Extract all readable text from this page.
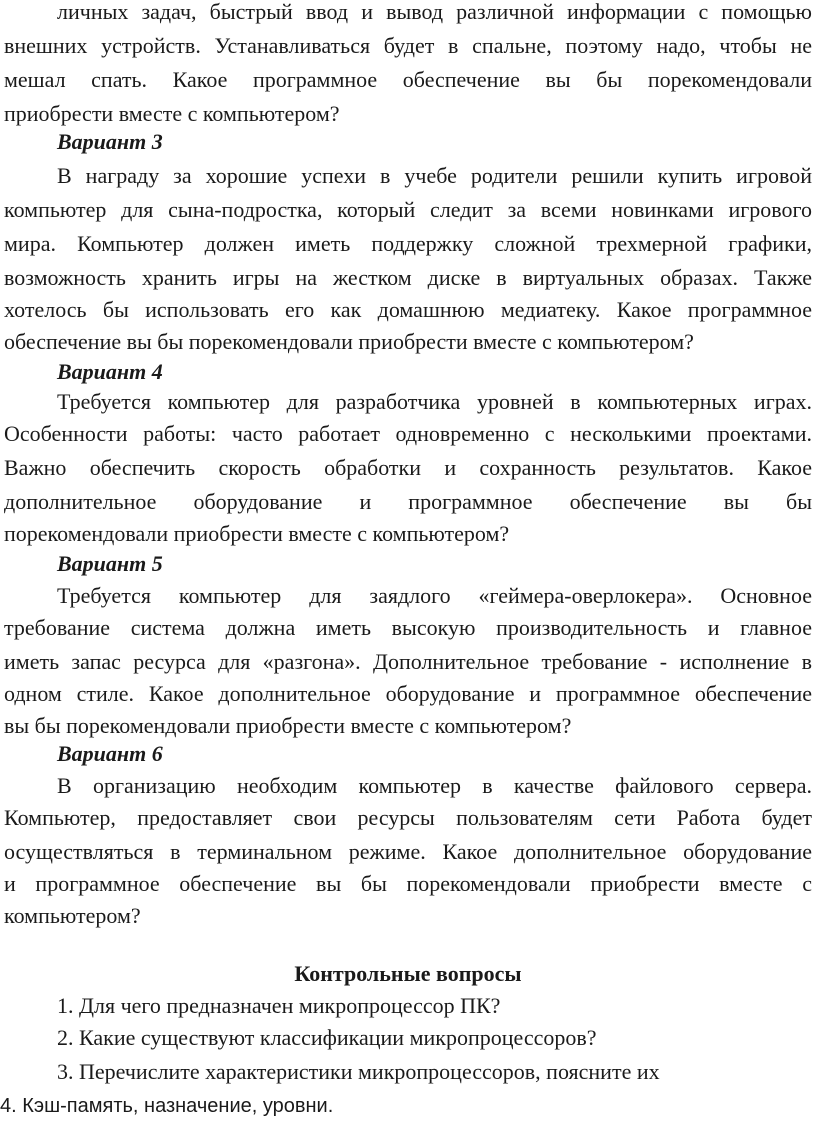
личных задач, быстрый ввод и вывод различной информации с помощью
внешних устройств. Устанавливаться будет в спальне, поэтому надо, чтобы не
мешал спать. Какое программное обеспечение вы бы порекомендовали
приобрести вместе с компьютером?
Вариант 3
В награду за хорошие успехи в учебе родители решили купить игровой
компьютер для сына-подростка, который следит за всеми новинками игрового
мира. Компьютер должен иметь поддержку сложной трехмерной графики,
возможность хранить игры на жестком диске в виртуальных образах. Также
хотелось бы использовать его как домашнюю медиатеку. Какое программное
обеспечение вы бы порекомендовали приобрести вместе с компьютером?
Вариант 4
Требуется компьютер для разработчика уровней в компьютерных играх.
Особенности работы: часто работает одновременно с несколькими проектами.
Важно обеспечить скорость обработки и сохранность результатов. Какое
дополнительное оборудование и программное обеспечение вы бы
порекомендовали приобрести вместе с компьютером?
Вариант 5
Требуется компьютер для заядлого «геймера-оверлокера». Основное
требование система должна иметь высокую производительность и главное
иметь запас ресурса для «разгона». Дополнительное требование - исполнение в
одном стиле. Какое дополнительное оборудование и программное обеспечение
вы бы порекомендовали приобрести вместе с компьютером?
Вариант 6
В организацию необходим компьютер в качестве файлового сервера.
Компьютер, предоставляет свои ресурсы пользователям сети Работа будет
осуществляться в терминальном режиме. Какое дополнительное оборудование
и программное обеспечение вы бы порекомендовали приобрести вместе с
компьютером?
Контрольные вопросы
1. Для чего предназначен микропроцессор ПК?
2. Какие существуют классификации микропроцессоров?
3. Перечислите характеристики микропроцессоров, поясните их
4. Кэш-память, назначение, уровни.
